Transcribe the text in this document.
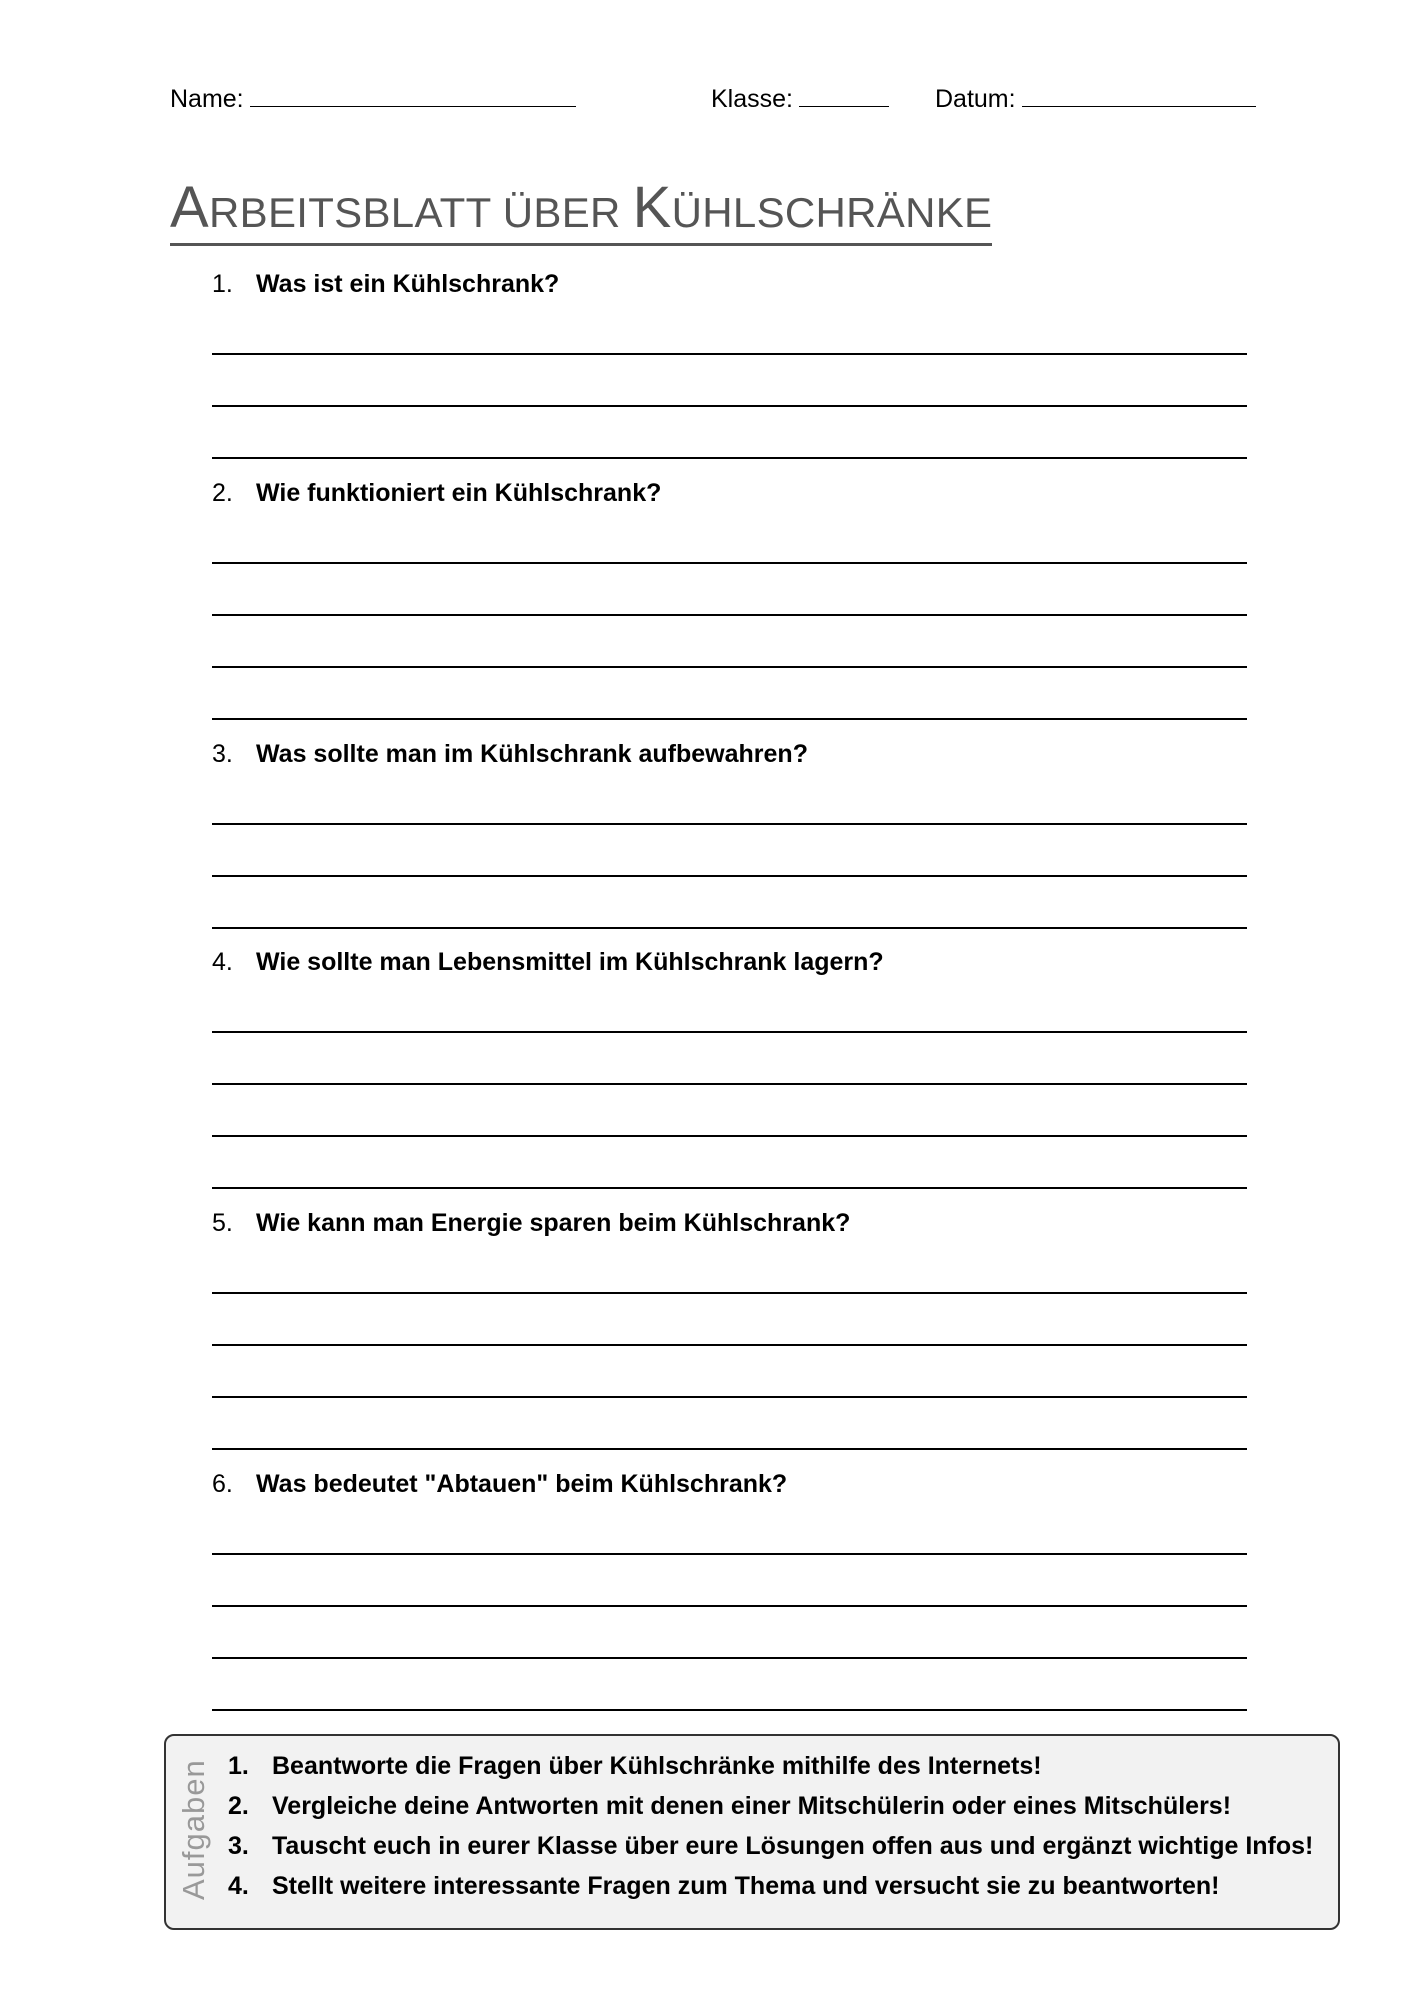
Name:	Klasse:	Datum:
ARBEITSBLATT ÜBER KÜHLSCHRÄNKE
1. Was ist ein Kühlschrank?
2. Wie funktioniert ein Kühlschrank?
3. Was sollte man im Kühlschrank aufbewahren?
4. Wie sollte man Lebensmittel im Kühlschrank lagern?
5. Wie kann man Energie sparen beim Kühlschrank?
6. Was bedeutet "Abtauen" beim Kühlschrank?
Aufgaben 1. Beantworte die Fragen über Kühlschränke mithilfe des Internets!
2. Vergleiche deine Antworten mit denen einer Mitschülerin oder eines Mitschülers!
3. Tauscht euch in eurer Klasse über eure Lösungen offen aus und ergänzt wichtige Infos!
4. Stellt weitere interessante Fragen zum Thema und versucht sie zu beantworten!
